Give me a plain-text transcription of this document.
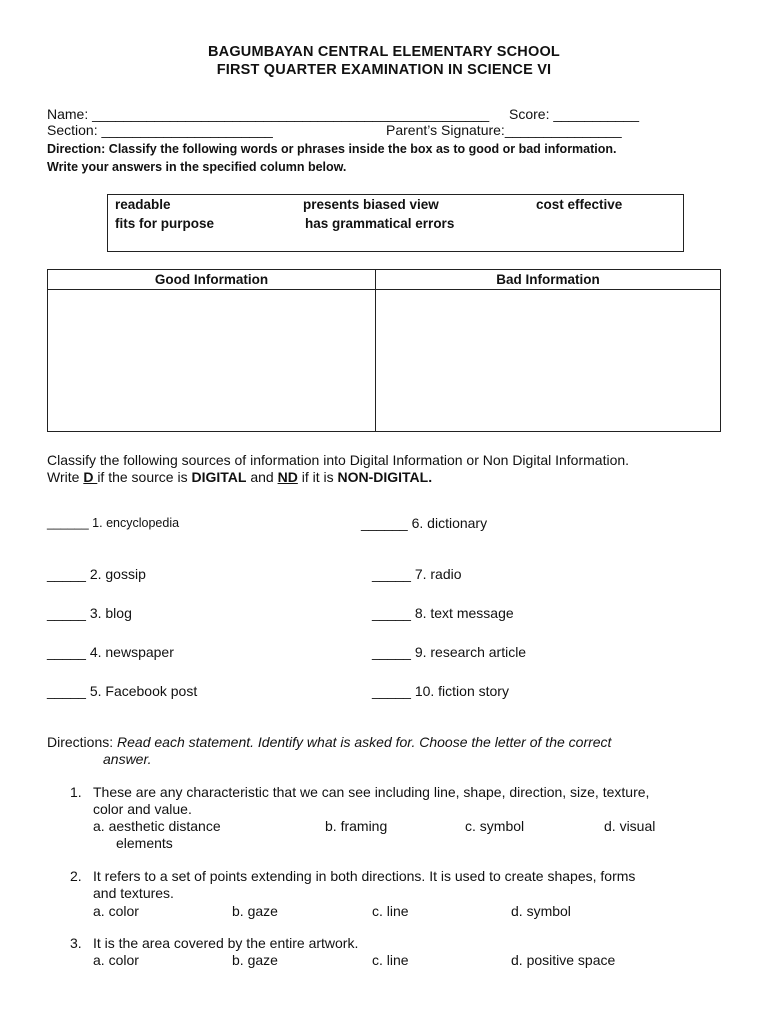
BAGUMBAYAN CENTRAL ELEMENTARY SCHOOL
FIRST QUARTER EXAMINATION IN SCIENCE VI
Name: ___________________________________________________ Score: ___________
Section: ______________________	Parent’s Signature:_______________
Direction: Classify the following words or phrases inside the box as to good or bad information.
Write your answers in the specified column below.
readable	presents biased view	cost effective
fits for purpose	has grammatical errors
Good Information	Bad Information

Classify the following sources of information into Digital Information or Non Digital Information.
Write D if the source is DIGITAL and ND if it is NON-DIGITAL.
______ 1. encyclopedia	______ 6. dictionary
_____ 2. gossip	_____ 7. radio
_____ 3. blog	_____ 8. text message
_____ 4. newspaper	_____ 9. research article
_____ 5. Facebook post	_____ 10. fiction story
Directions: Read each statement. Identify what is asked for. Choose the letter of the correct
answer.
1. These are any characteristic that we can see including line, shape, direction, size, texture,
color and value.
a. aesthetic distance	b. framing	c. symbol	d. visual
elements
2. It refers to a set of points extending in both directions. It is used to create shapes, forms
and textures.
a. color	b. gaze	c. line	d. symbol
3. It is the area covered by the entire artwork.
a. color	b. gaze	c. line	d. positive space
